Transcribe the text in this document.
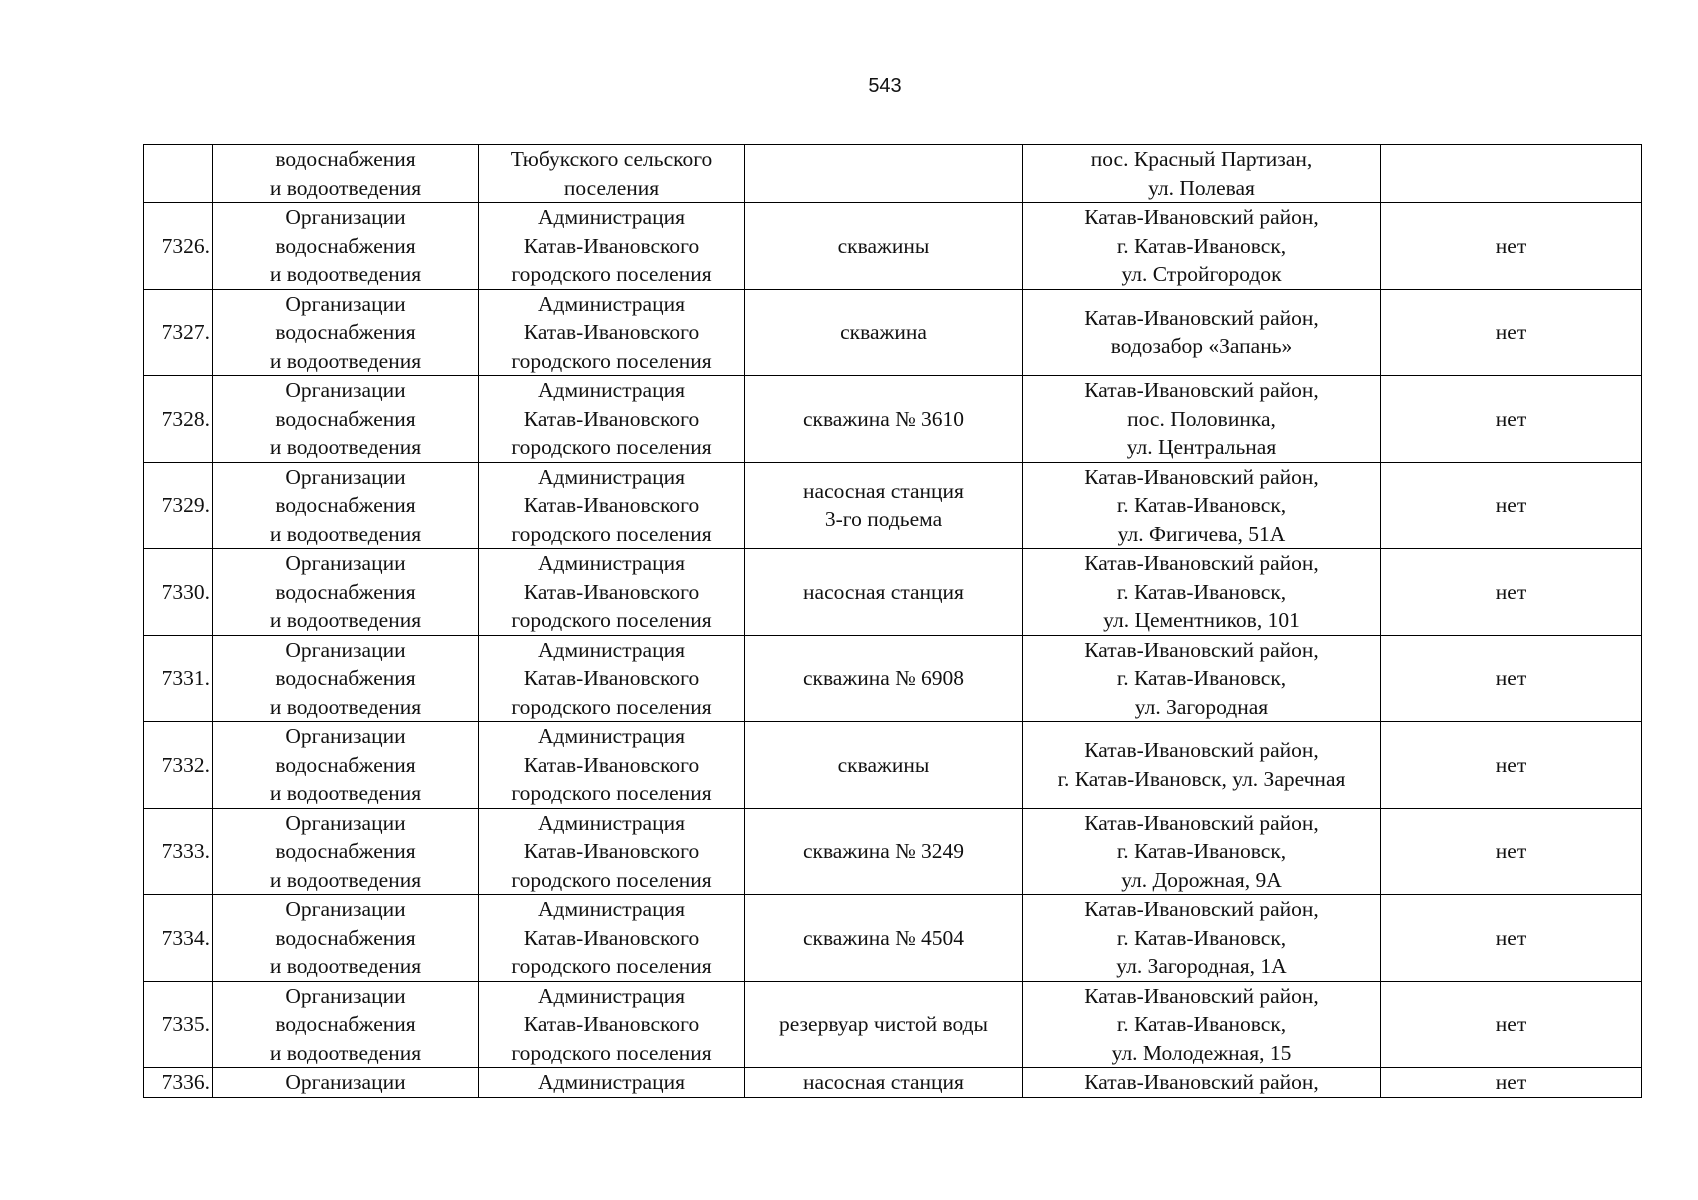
543

	водоснабжения
и водоотведения	Тюбукского сельского
поселения		пос. Красный Партизан,
ул. Полевая	

7326.	Организации
водоснабжения
и водоотведения	Администрация
Катав-Ивановского
городского поселения	скважины	Катав-Ивановский район,
г. Катав-Ивановск,
ул. Стройгородок	нет
7327.	Организации
водоснабжения
и водоотведения	Администрация
Катав-Ивановского
городского поселения	скважина	Катав-Ивановский район,
водозабор «Запань»	нет
7328.	Организации
водоснабжения
и водоотведения	Администрация
Катав-Ивановского
городского поселения	скважина № 3610	Катав-Ивановский район,
пос. Половинка,
ул. Центральная	нет
7329.	Организации
водоснабжения
и водоотведения	Администрация
Катав-Ивановского
городского поселения	насосная станция
3-го подьема	Катав-Ивановский район,
г. Катав-Ивановск,
ул. Фигичева, 51А	нет
7330.	Организации
водоснабжения
и водоотведения	Администрация
Катав-Ивановского
городского поселения	насосная станция	Катав-Ивановский район,
г. Катав-Ивановск,
ул. Цементников, 101	нет
7331.	Организации
водоснабжения
и водоотведения	Администрация
Катав-Ивановского
городского поселения	скважина № 6908	Катав-Ивановский район,
г. Катав-Ивановск,
ул. Загородная	нет
7332.	Организации
водоснабжения
и водоотведения	Администрация
Катав-Ивановского
городского поселения	скважины	Катав-Ивановский район,
г. Катав-Ивановск, ул. Заречная	нет
7333.	Организации
водоснабжения
и водоотведения	Администрация
Катав-Ивановского
городского поселения	скважина № 3249	Катав-Ивановский район,
г. Катав-Ивановск,
ул. Дорожная, 9А	нет
7334.	Организации
водоснабжения
и водоотведения	Администрация
Катав-Ивановского
городского поселения	скважина № 4504	Катав-Ивановский район,
г. Катав-Ивановск,
ул. Загородная, 1А	нет
7335.	Организации
водоснабжения
и водоотведения	Администрация
Катав-Ивановского
городского поселения	резервуар чистой воды	Катав-Ивановский район,
г. Катав-Ивановск,
ул. Молодежная, 15	нет
7336.	Организации	Администрация	насосная станция	Катав-Ивановский район,	нет
